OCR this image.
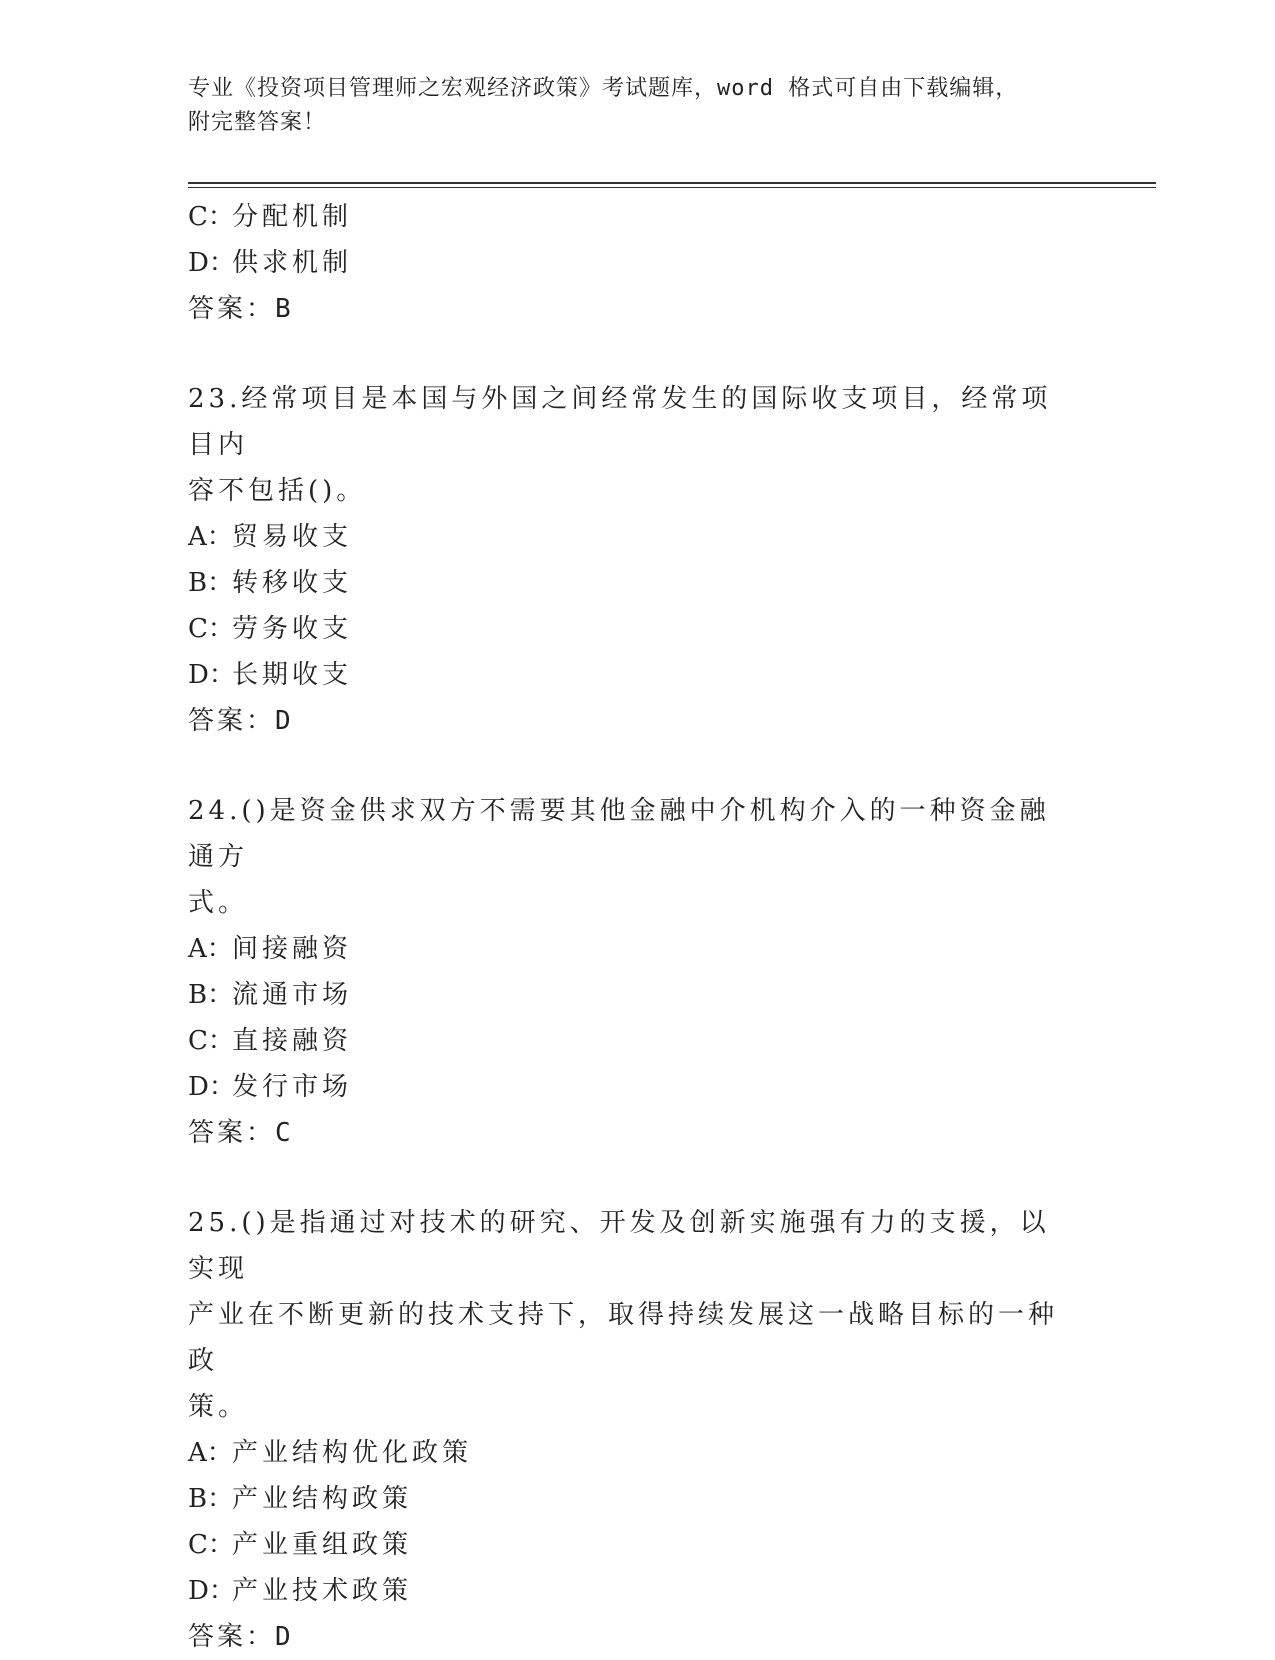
专业《投资项目管理师之宏观经济政策》考试题库，word 格式可自由下载编辑，
附完整答案！

C：分配机制

D：供求机制

答案：B

23.经常项目是本国与外国之间经常发生的国际收支项目，经常项目内
容不包括()。

A：贸易收支

B：转移收支

C：劳务收支

D：长期收支

答案：D

24.()是资金供求双方不需要其他金融中介机构介入的一种资金融通方
式。

A：间接融资

B：流通市场

C：直接融资

D：发行市场

答案：C

25.()是指通过对技术的研究、开发及创新实施强有力的支援，以实现
产业在不断更新的技术支持下，取得持续发展这一战略目标的一种政
策。

A：产业结构优化政策

B：产业结构政策

C：产业重组政策

D：产业技术政策

答案：D
